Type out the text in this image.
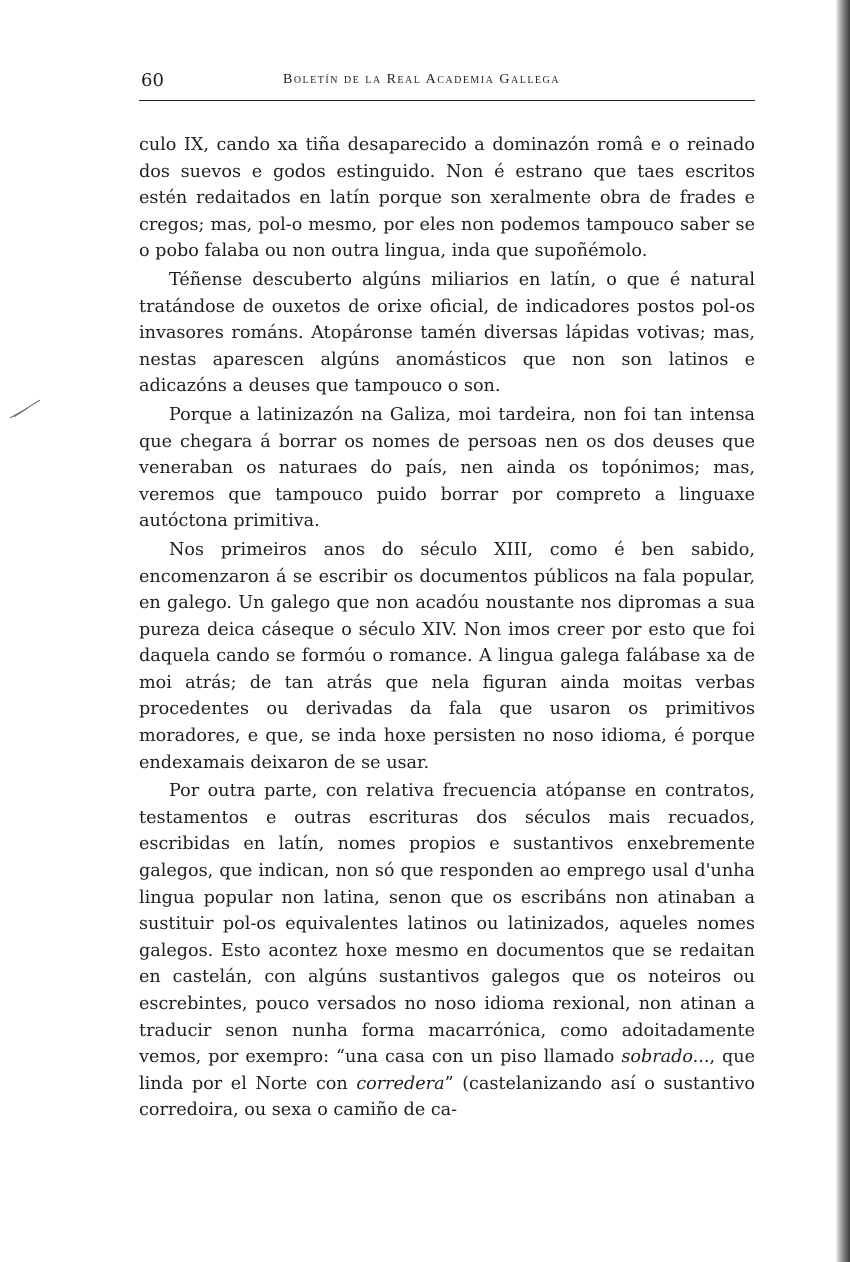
60	Boletín de la Real Academia Gallega

culo IX, cando xa tiña desaparecido a dominazón româ e o reinado dos suevos e godos estinguido. Non é estrano que taes escritos estén redaitados en latín porque son xeralmente obra de frades e cregos; mas, pol-o mesmo, por eles non podemos tampouco saber se o pobo falaba ou non outra lingua, inda que supoñémolo.

Téñense descuberto algúns miliarios en latín, o que é natural tratándose de ouxetos de orixe oficial, de indicadores postos pol-os invasores románs. Atopáronse tamén diversas lápidas votivas; mas, nestas aparescen algúns anomásticos que non son latinos e adicazóns a deuses que tampouco o son.

Porque a latinizazón na Galiza, moi tardeira, non foi tan intensa que chegara á borrar os nomes de persoas nen os dos deuses que veneraban os naturaes do país, nen ainda os topónimos; mas, veremos que tampouco puido borrar por compreto a linguaxe autóctona primitiva.

Nos primeiros anos do século XIII, como é ben sabido, encomenzaron á se escribir os documentos públicos na fala popular, en galego. Un galego que non acadóu noustante nos dipromas a sua pureza deica cáseque o século XIV. Non imos creer por esto que foi daquela cando se formóu o romance. A lingua galega falábase xa de moi atrás; de tan atrás que nela figuran ainda moitas verbas procedentes ou derivadas da fala que usaron os primitivos moradores, e que, se inda hoxe persisten no noso idioma, é porque endexamais deixaron de se usar.

Por outra parte, con relativa frecuencia atópanse en contratos, testamentos e outras escrituras dos séculos mais recuados, escribidas en latín, nomes propios e sustantivos enxebremente galegos, que indican, non só que responden ao emprego usal d'unha lingua popular non latina, senon que os escribáns non atinaban a sustituir pol-os equivalentes latinos ou latinizados, aqueles nomes galegos. Esto acontez hoxe mesmo en documentos que se redaitan en castelán, con algúns sustantivos galegos que os noteiros ou escrebintes, pouco versados no noso idioma rexional, non atinan a traducir senon nunha forma macarrónica, como adoitadamente vemos, por exempro: “una casa con un piso llamado sobrado..., que linda por el Norte con corredera” (castelanizando así o sustantivo corredoira, ou sexa o camiño de ca-
